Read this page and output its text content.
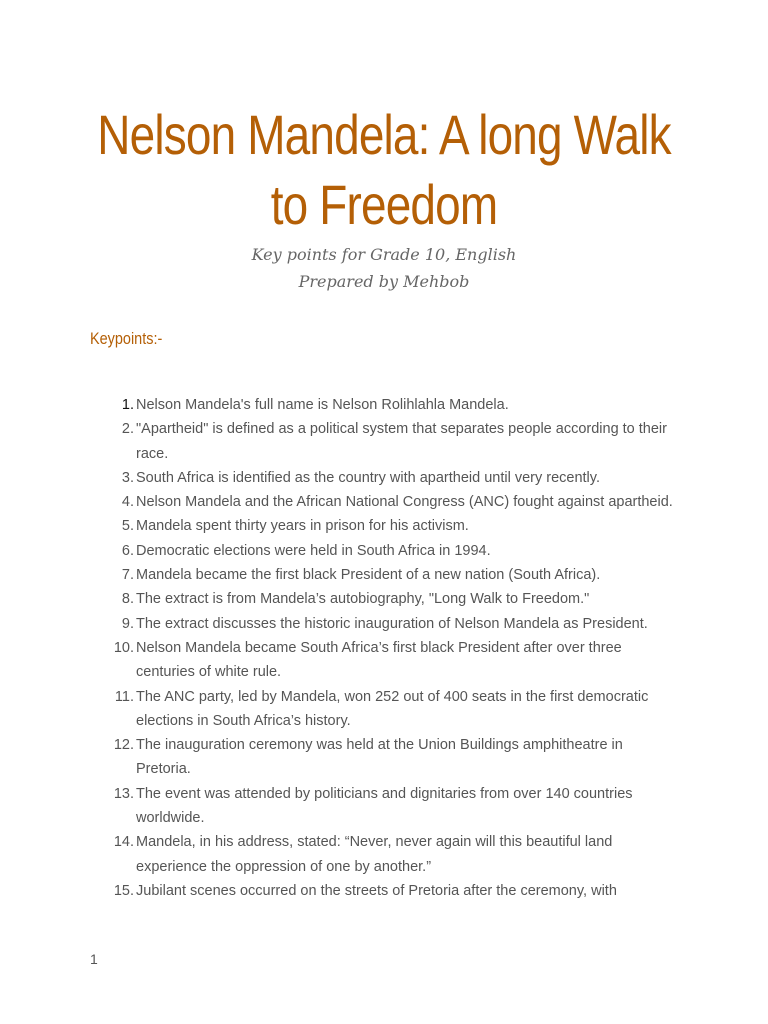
Nelson Mandela: A long Walk
to Freedom
Key points for Grade 10, English
Prepared by Mehbob
Keypoints:-
1. Nelson Mandela's full name is Nelson Rolihlahla Mandela.
2. "Apartheid" is defined as a political system that separates people according to their race.
3. South Africa is identified as the country with apartheid until very recently.
4. Nelson Mandela and the African National Congress (ANC) fought against apartheid.
5. Mandela spent thirty years in prison for his activism.
6. Democratic elections were held in South Africa in 1994.
7. Mandela became the first black President of a new nation (South Africa).
8. The extract is from Mandela’s autobiography, "Long Walk to Freedom."
9. The extract discusses the historic inauguration of Nelson Mandela as President.
10. Nelson Mandela became South Africa’s first black President after over three centuries of white rule.
11. The ANC party, led by Mandela, won 252 out of 400 seats in the first democratic elections in South Africa’s history.
12. The inauguration ceremony was held at the Union Buildings amphitheatre in Pretoria.
13. The event was attended by politicians and dignitaries from over 140 countries worldwide.
14. Mandela, in his address, stated: “Never, never again will this beautiful land experience the oppression of one by another.”
15. Jubilant scenes occurred on the streets of Pretoria after the ceremony, with
1
